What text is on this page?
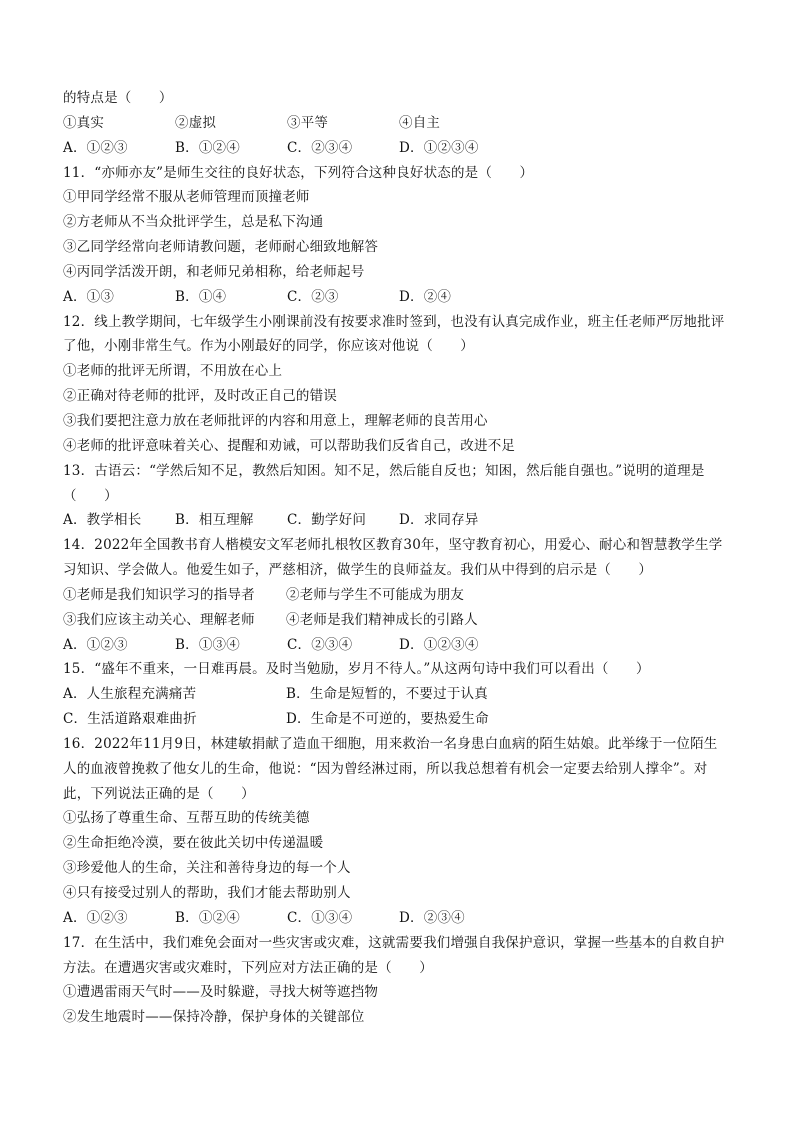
的特点是（　　）
①真实	②虚拟	③平等	④自主
A．①②③	B．①②④	C．②③④	D．①②③④
11．“亦师亦友”是师生交往的良好状态，下列符合这种良好状态的是（　　）
①甲同学经常不服从老师管理而顶撞老师
②方老师从不当众批评学生，总是私下沟通
③乙同学经常向老师请教问题，老师耐心细致地解答
④丙同学活泼开朗，和老师兄弟相称，给老师起号
A．①③	B．①④	C．②③	D．②④
12．线上教学期间，七年级学生小刚课前没有按要求准时签到，也没有认真完成作业，班主任老师严厉地批评
了他，小刚非常生气。作为小刚最好的同学，你应该对他说（　　）
①老师的批评无所谓，不用放在心上
②正确对待老师的批评，及时改正自己的错误
③我们要把注意力放在老师批评的内容和用意上，理解老师的良苦用心
④老师的批评意味着关心、提醒和劝诫，可以帮助我们反省自己，改进不足
13．古语云：“学然后知不足，教然后知困。知不足，然后能自反也；知困，然后能自强也。”说明的道理是
（　　）
A．教学相长	B．相互理解	C．勤学好问	D．求同存异
14．2022年全国教书育人楷模安文军老师扎根牧区教育30年，坚守教育初心，用爱心、耐心和智慧教学生学
习知识、学会做人。他爱生如子，严慈相济，做学生的良师益友。我们从中得到的启示是（　　）
①老师是我们知识学习的指导者	②老师与学生不可能成为朋友
③我们应该主动关心、理解老师	④老师是我们精神成长的引路人
A．①②③	B．①③④	C．②③④	D．①②③④
15．“盛年不重来，一日难再晨。及时当勉励，岁月不待人。”从这两句诗中我们可以看出（　　）
A．人生旅程充满痛苦	B．生命是短暂的，不要过于认真
C．生活道路艰难曲折	D．生命是不可逆的，要热爱生命
16．2022年11月9日，林建敏捐献了造血干细胞，用来救治一名身患白血病的陌生姑娘。此举缘于一位陌生
人的血液曾挽救了他女儿的生命，他说：“因为曾经淋过雨，所以我总想着有机会一定要去给别人撑伞”。对
此，下列说法正确的是（　　）
①弘扬了尊重生命、互帮互助的传统美德
②生命拒绝冷漠，要在彼此关切中传递温暖
③珍爱他人的生命，关注和善待身边的每一个人
④只有接受过别人的帮助，我们才能去帮助别人
A．①②③	B．①②④	C．①③④	D．②③④
17．在生活中，我们难免会面对一些灾害或灾难，这就需要我们增强自我保护意识，掌握一些基本的自救自护
方法。在遭遇灾害或灾难时，下列应对方法正确的是（　　）
①遭遇雷雨天气时——及时躲避，寻找大树等遮挡物
②发生地震时——保持冷静，保护身体的关键部位
